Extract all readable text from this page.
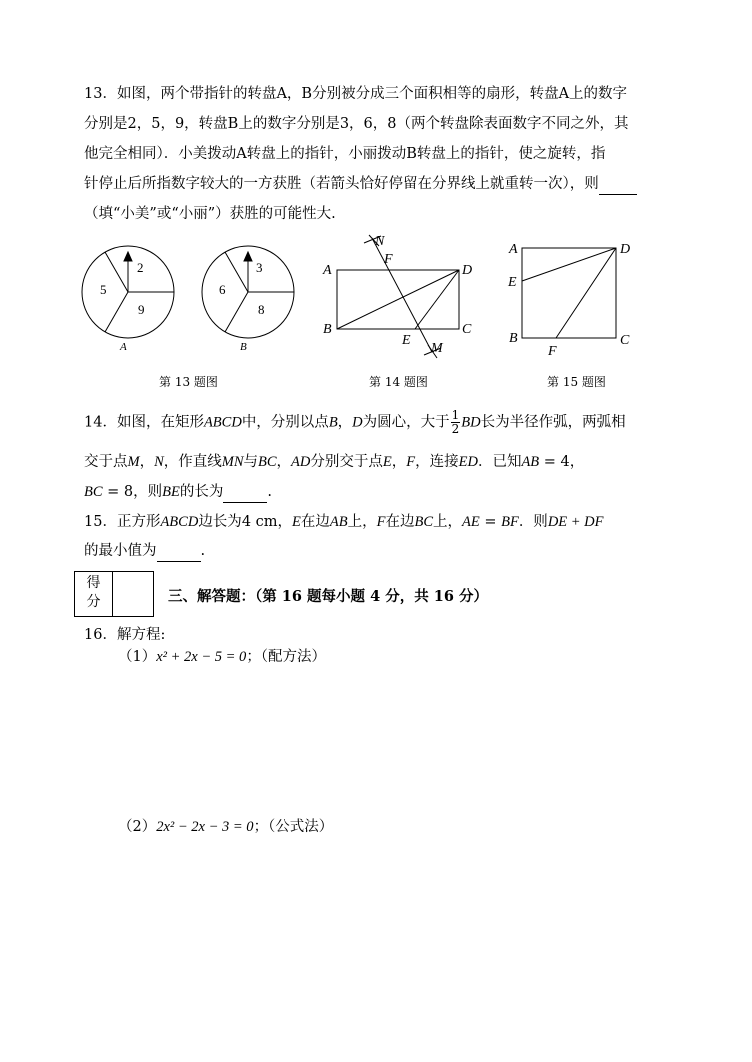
13．如图，两个带指针的转盘A，B分别被分成三个面积相等的扇形，转盘A上的数字
分别是2，5，9，转盘B上的数字分别是3，6，8（两个转盘除表面数字不同之外，其
他完全相同）．小美拨动A转盘上的指针，小丽拨动B转盘上的指针，使之旋转，指
针停止后所指数字较大的一方获胜（若箭头恰好停留在分界线上就重转一次），则
（填“小美”或“小丽”）获胜的可能性大.
2
5
9
A
3
6
8
B
A
B	C
D
E
F
M
N
A
B	C
D
E
F
第 13 题图	第 14 题图	第 15 题图
14．如图，在矩形ABCD中，分别以点B，D为圆心，大于 $\frac{1}{2}$ BD长为半径作弧，两弧相
交于点M，N，作直线MN与BC，AD分别交于点E，F，连接ED．已知AB = 4，
BC = 8，则BE的长为	.
15．正方形ABCD边长为4 cm，E在边AB上，F在边BC上，AE = BF．则DE + DF
的最小值为	.
得
分	三、解答题：（第 16 题每小题 4 分，共 16 分）
16．解方程:
（1）x² + 2x − 5 = 0；（配方法）
（2）2x² − 2x − 3 = 0；（公式法）
